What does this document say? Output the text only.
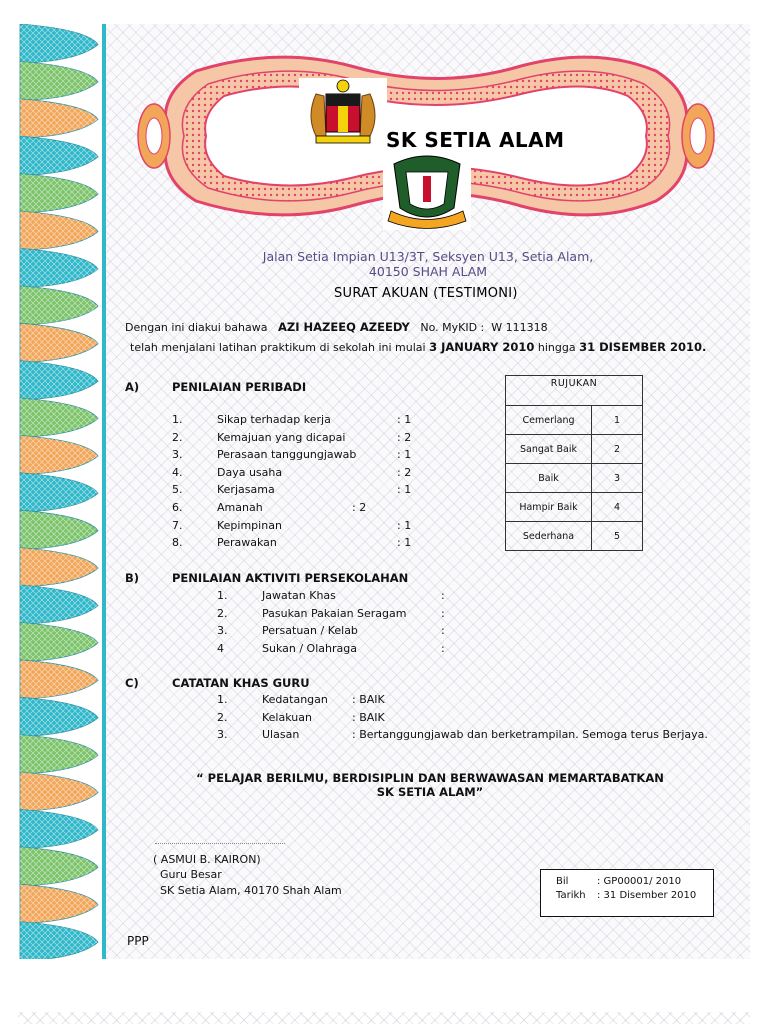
SK SETIA ALAM
Jalan Setia Impian U13/3T, Seksyen U13, Setia Alam, 40150 SHAH ALAM
SURAT AKUAN (TESTIMONI)
Dengan ini diakui bahawa AZI HAZEEQ AZEEDY No. MyKID : W 111318
telah menjalani latihan praktikum di sekolah ini mulai 3 JANUARY 2010 hingga 31 DISEMBER 2010.
A)	PENILAIAN PERIBADI
1.	Sikap terhadap kerja	: 1
2.	Kemajuan yang dicapai	: 2
3.	Perasaan tanggungjawab	: 1
4.	Daya usaha	: 2
5.	Kerjasama	: 1
6.	Amanah	: 2
7.	Kepimpinan	: 1
8.	Perawakan	: 1
RUJUKAN	
Cemerlang	1
Sangat Baik	2
Baik	3
Hampir Baik	4
Sederhana	5
B)	PENILAIAN AKTIVITI PERSEKOLAHAN
1.	Jawatan Khas	:
2.	Pasukan Pakaian Seragam	:
3.	Persatuan / Kelab	:
4	Sukan / Olahraga	:
C)	CATATAN KHAS GURU
1.	Kedatangan : BAIK
2.	Kelakuan	: BAIK
3.	Ulasan	: Bertanggungjawab dan berketrampilan. Semoga terus Berjaya.
“ PELAJAR BERILMU, BERDISIPLIN DAN BERWAWASAN MEMARTABATKAN
SK SETIA ALAM”
( ASMUI B. KAIRON)
Guru Besar
SK Setia Alam, 40170 Shah Alam
Bil	: GP00001/ 2010
Tarikh : 31 Disember 2010
PPP
